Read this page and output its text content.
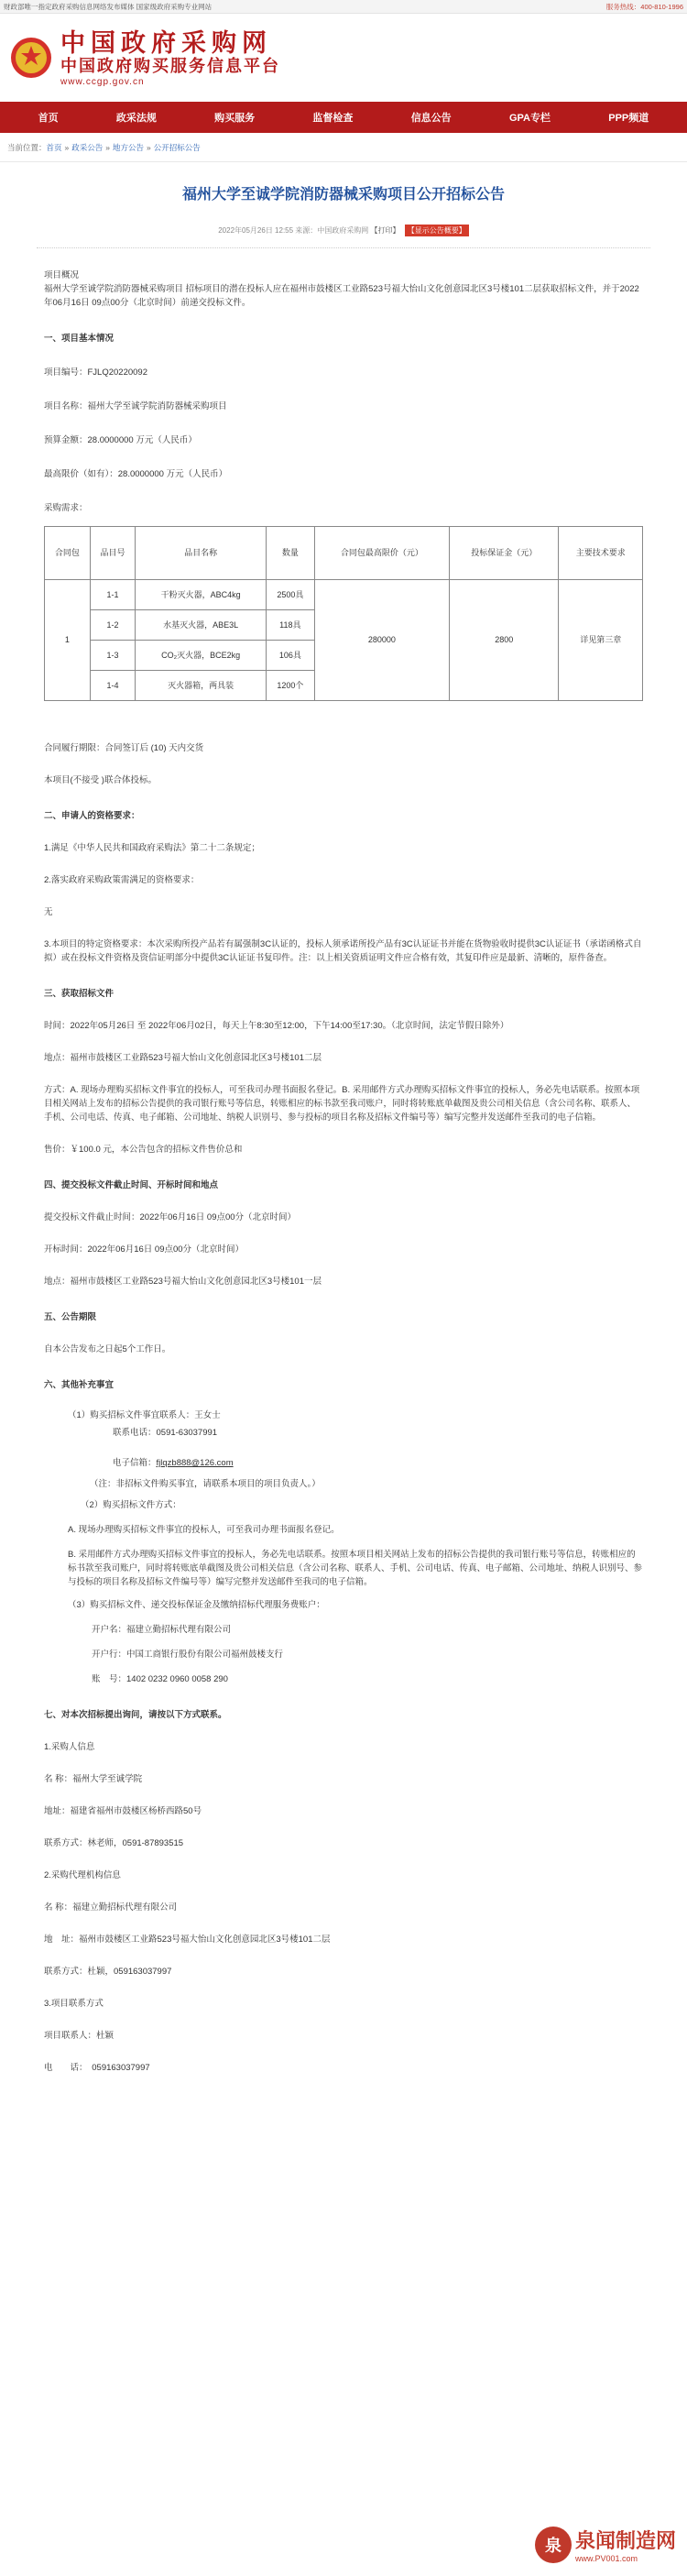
财政部唯一指定政府采购信息网络发布媒体 国家级政府采购专业网站	服务热线：400-810-1996
中国政府采购网
中国政府购买服务信息平台
www.ccgp.gov.cn
首页	政采法规	购买服务	监督检查	信息公告	GPA专栏	PPP频道
当前位置： 首页 » 政采公告 » 地方公告 » 公开招标公告
福州大学至诚学院消防器械采购项目公开招标公告
2022年05月26日 12:55 来源：中国政府采购网 【打印】 【显示公告概要】
项目概况
福州大学至诚学院消防器械采购项目 招标项目的潜在投标人应在福州市鼓楼区工业路523号福大怡山文化创意园北区3号楼101二层获取招标文件，并于2022年06月16日 09点00分（北京时间）前递交投标文件。
一、项目基本情况
项目编号：FJLQ20220092
项目名称：福州大学至诚学院消防器械采购项目
预算金额：28.0000000 万元（人民币）
最高限价（如有）：28.0000000 万元（人民币）
采购需求：
合同包	品目号	品目名称	数量	合同包最高限价（元）	投标保证金（元）	主要技术要求
1	1-1	干粉灭火器，ABC4kg	2500具	280000	2800	详见第三章
	1-2	水基灭火器，ABE3L	118具			
	1-3	CO₂灭火器，BCE2kg	106具			
	1-4	灭火器箱，两具装	1200个			
合同履行期限：合同签订后 (10) 天内交货
本项目(不接受 )联合体投标。
二、申请人的资格要求：
1.满足《中华人民共和国政府采购法》第二十二条规定；
2.落实政府采购政策需满足的资格要求：
无
3.本项目的特定资格要求：本次采购所投产品若有属强制3C认证的，投标人须承诺所投产品有3C认证证书并能在货物验收时提供3C认证证书（承诺函格式自拟）或在投标文件资格及资信证明部分中提供3C认证证书复印件。注：以上相关资质证明文件应合格有效，其复印件应是最新、清晰的，原件备查。
三、获取招标文件
时间：2022年05月26日 至 2022年06月02日，每天上午8:30至12:00，下午14:00至17:30。（北京时间，法定节假日除外）
地点：福州市鼓楼区工业路523号福大怡山文化创意园北区3号楼101二层
方式：A. 现场办理购买招标文件事宜的投标人，可至我司办理书面报名登记。B. 采用邮件方式办理购买招标文件事宜的投标人，务必先电话联系。按照本项目相关网站上发布的招标公告提供的我司银行账号等信息，转账相应的标书款至我司账户，同时将转账底单截图及贵公司相关信息（含公司名称、联系人、手机、公司电话、传真、电子邮箱、公司地址、纳税人识别号、参与投标的项目名称及招标文件编号等）编写完整并发送邮件至我司的电子信箱。
售价：￥100.0 元，本公告包含的招标文件售价总和
四、提交投标文件截止时间、开标时间和地点
提交投标文件截止时间：2022年06月16日 09点00分（北京时间）
开标时间：2022年06月16日 09点00分（北京时间）
地点：福州市鼓楼区工业路523号福大怡山文化创意园北区3号楼101一层
五、公告期限
自本公告发布之日起5个工作日。
六、其他补充事宜
（1）购买招标文件事宜联系人：王女士
联系电话：0591-63037991
电子信箱：fjlqzb888@126.com
（注：非招标文件购买事宜，请联系本项目的项目负责人。）
（2）购买招标文件方式：
A. 现场办理购买招标文件事宜的投标人，可至我司办理书面报名登记。
B. 采用邮件方式办理购买招标文件事宜的投标人，务必先电话联系。按照本项目相关网站上发布的招标公告提供的我司银行账号等信息，转账相应的标书款至我司账户，同时将转账底单截图及贵公司相关信息（含公司名称、联系人、手机、公司电话、传真、电子邮箱、公司地址、纳税人识别号、参与投标的项目名称及招标文件编号等）编写完整并发送邮件至我司的电子信箱。
（3）购买招标文件、递交投标保证金及缴纳招标代理服务费账户：
开户名：福建立勤招标代理有限公司
开户行：中国工商银行股份有限公司福州鼓楼支行
账　号：1402 0232 0960 0058 290
七、对本次招标提出询问，请按以下方式联系。
1.采购人信息
名 称：福州大学至诚学院
地址：福建省福州市鼓楼区杨桥西路50号
联系方式：林老师，0591-87893515
2.采购代理机构信息
名 称：福建立勤招标代理有限公司
地　址：福州市鼓楼区工业路523号福大怡山文化创意园北区3号楼101二层
联系方式：杜颖，059163037997
3.项目联系方式
项目联系人：杜颖
电　　话：　059163037997
泉 泉闻制造网
www.PV001.com
